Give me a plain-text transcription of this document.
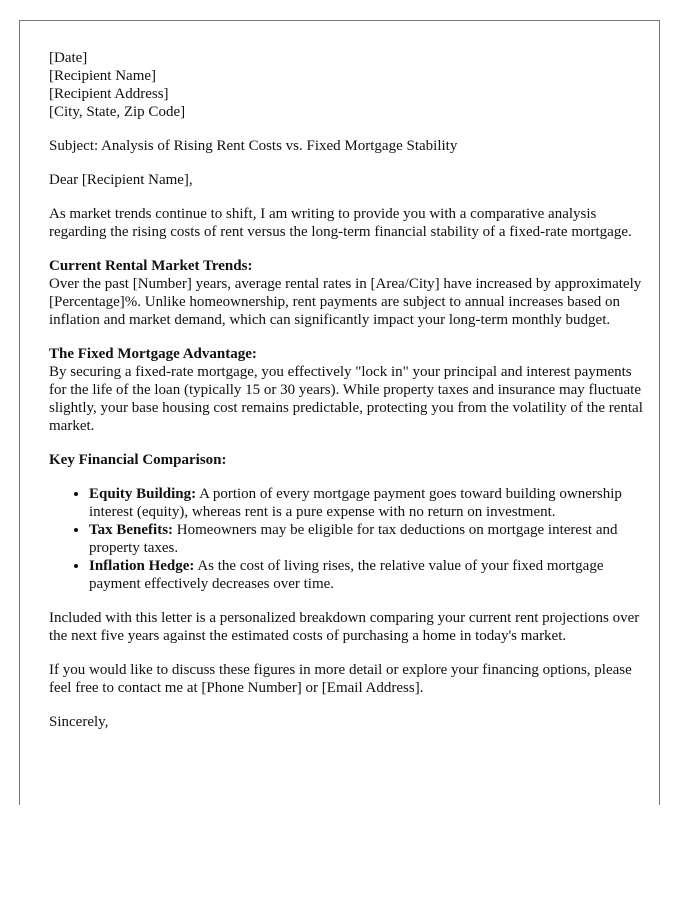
[Date]
[Recipient Name]
[Recipient Address]
[City, State, Zip Code]

Subject: Analysis of Rising Rent Costs vs. Fixed Mortgage Stability

Dear [Recipient Name],

As market trends continue to shift, I am writing to provide you with a comparative analysis regarding the rising costs of rent versus the long-term financial stability of a fixed-rate mortgage.

Current Rental Market Trends:
Over the past [Number] years, average rental rates in [Area/City] have increased by approximately [Percentage]%. Unlike homeownership, rent payments are subject to annual increases based on inflation and market demand, which can significantly impact your long-term monthly budget.
The Fixed Mortgage Advantage:
By securing a fixed-rate mortgage, you effectively "lock in" your principal and interest payments for the life of the loan (typically 15 or 30 years). While property taxes and insurance may fluctuate slightly, your base housing cost remains predictable, protecting you from the volatility of the rental market.
Key Financial Comparison:
• Equity Building: A portion of every mortgage payment goes toward building ownership interest (equity), whereas rent is a pure expense with no return on investment.
• Tax Benefits: Homeowners may be eligible for tax deductions on mortgage interest and property taxes.
• Inflation Hedge: As the cost of living rises, the relative value of your fixed mortgage payment effectively decreases over time.

Included with this letter is a personalized breakdown comparing your current rent projections over the next five years against the estimated costs of purchasing a home in today's market.

If you would like to discuss these figures in more detail or explore your financing options, please feel free to contact me at [Phone Number] or [Email Address].

Sincerely,
